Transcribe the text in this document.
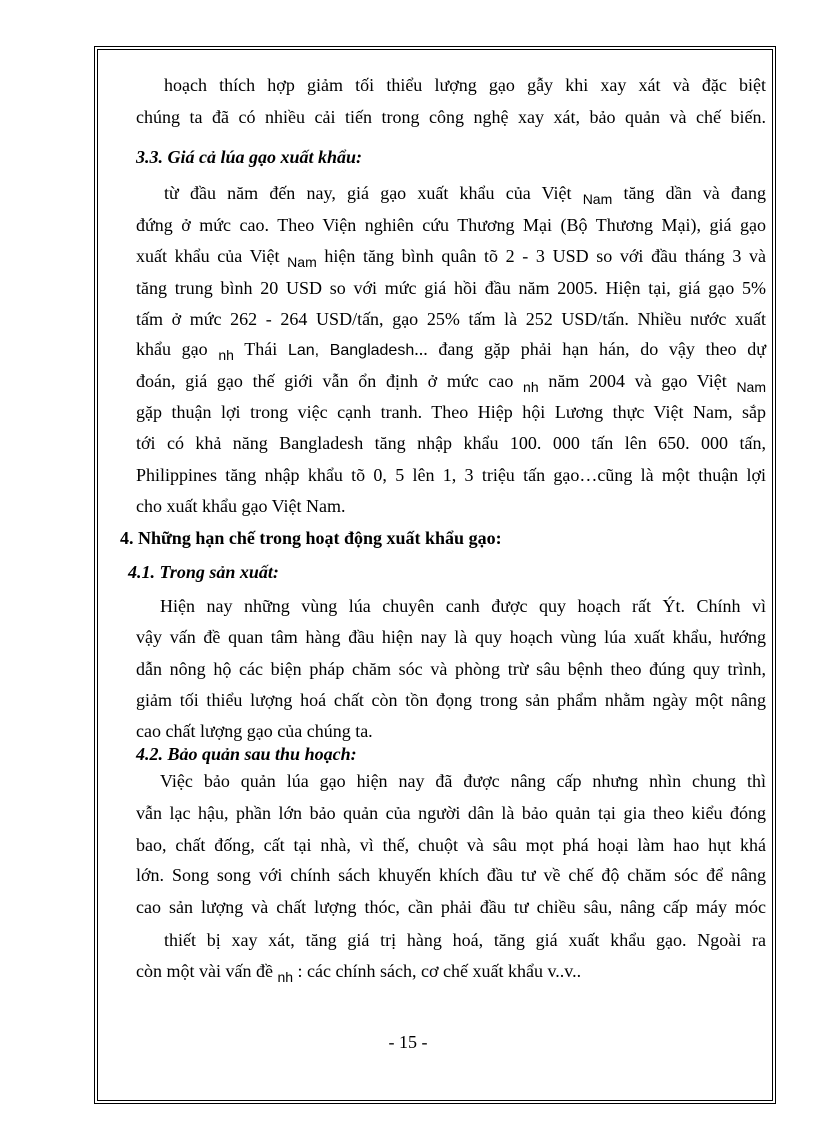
hoạch thích hợp giảm tối thiểu lượng gạo gẫy khi xay xát và đặc biệt

chúng ta đã có nhiều cải tiến trong công nghệ xay xát, bảo quản và chế biến.

3.3. Giá cả lúa gạo xuất khẩu:

từ đầu năm đến nay, giá gạo xuất khẩu của Việt $_{Nam}$ tăng dần và đang

đứng ở mức cao. Theo Viện nghiên cứu Thương Mại (Bộ Thương Mại), giá gạo

xuất khẩu của Việt $_{Nam}$ hiện tăng bình quân tõ 2 - 3 USD so với đầu tháng 3 và

tăng trung bình 20 USD so với mức giá hồi đầu năm 2005. Hiện tại, giá gạo 5%

tấm ở mức 262 - 264 USD/tấn, gạo 25% tấm là 252 USD/tấn. Nhiều nước xuất

khẩu gạo $_{nh}$ Thái Lan, Bangladesh... đang gặp phải hạn hán, do vậy theo dự

đoán, giá gạo thế giới vẫn ổn định ở mức cao $_{nh}$ năm 2004 và gạo Việt $_{Nam}$

gặp thuận lợi trong việc cạnh tranh. Theo Hiệp hội Lương thực Việt Nam, sắp

tới có khả năng Bangladesh tăng nhập khẩu 100. 000 tấn lên 650. 000 tấn,

Philippines tăng nhập khẩu tõ 0, 5 lên 1, 3 triệu tấn gạo…cũng là một thuận lợi

cho xuất khẩu gạo Việt Nam.

4. Những hạn chế trong hoạt động xuất khẩu gạo:

4.1. Trong sản xuất:

Hiện nay những vùng lúa chuyên canh được quy hoạch rất Ýt. Chính vì

vậy vấn đề quan tâm hàng đầu hiện nay là quy hoạch vùng lúa xuất khẩu, hướng

dẫn nông hộ các biện pháp chăm sóc và phòng trừ sâu bệnh theo đúng quy trình,

giảm tối thiểu lượng hoá chất còn tồn đọng trong sản phẩm nhằm ngày một nâng

cao chất lượng gạo của chúng ta.

4.2. Bảo quản sau thu hoạch:

Việc bảo quản lúa gạo hiện nay đã được nâng cấp nhưng nhìn chung thì

vẫn lạc hậu, phần lớn bảo quản của người dân là bảo quản tại gia theo kiểu đóng

bao, chất đống, cất tại nhà, vì thế, chuột và sâu mọt phá hoại làm hao hụt khá

lớn. Song song với chính sách khuyến khích đầu tư về chế độ chăm sóc để nâng

cao sản lượng và chất lượng thóc, cần phải đầu tư chiều sâu, nâng cấp máy móc

thiết bị xay xát, tăng giá trị hàng hoá, tăng giá xuất khẩu gạo. Ngoài ra

còn một vài vấn đề $_{nh}$ : các chính sách, cơ chế xuất khẩu v..v..

- 15 -
